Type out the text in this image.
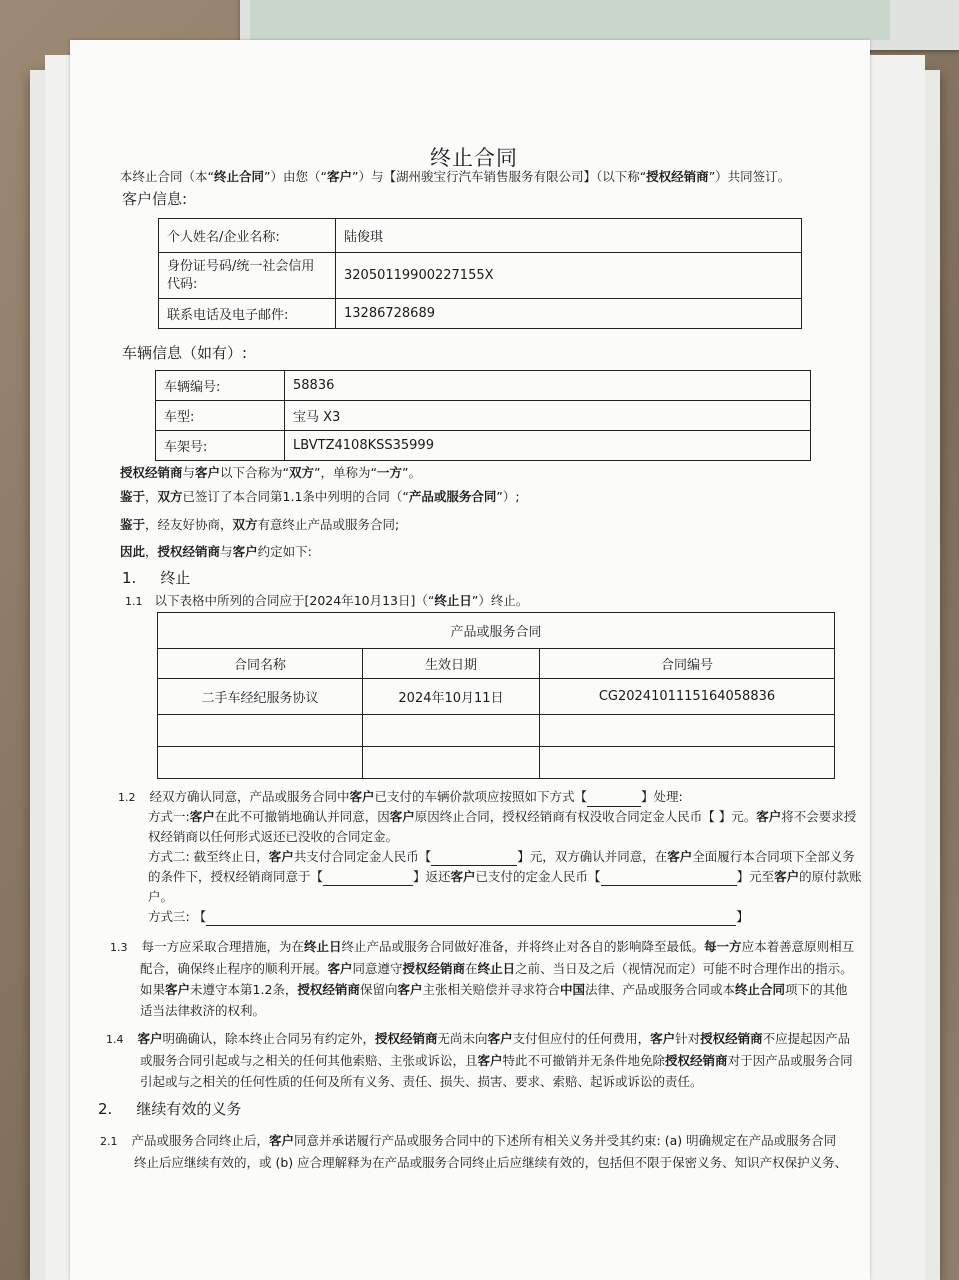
终止合同
本终止合同（本“终止合同”）由您（“客户”）与【湖州骏宝行汽车销售服务有限公司】（以下称“授权经销商”）共同签订。
客户信息:
个人姓名/企业名称:	陆俊琪
身份证号码/统一社会信用代码:	32050119900227155X
联系电话及电子邮件:	13286728689
车辆信息（如有）:
车辆编号:	58836
车型:	宝马 X3
车架号:	LBVTZ4108KSS35999
授权经销商与客户以下合称为“双方”，单称为“一方”。
鉴于，双方已签订了本合同第1.1条中列明的合同（“产品或服务合同”）;
鉴于，经友好协商，双方有意终止产品或服务合同;
因此，授权经销商与客户约定如下:
1. 终止
1.1 以下表格中所列的合同应于[2024年10月13日]（“终止日”）终止。
产品或服务合同		
合同名称	生效日期	合同编号
二手车经纪服务协议	2024年10月11日	CG2024101115164058836

1.2 经双方确认同意，产品或服务合同中客户已支付的车辆价款项应按照如下方式【	】处理:
方式一:客户在此不可撤销地确认并同意，因客户原因终止合同，授权经销商有权没收合同定金人民币【 】元。客户将不会要求授
权经销商以任何形式返还已没收的合同定金。
方式二: 截至终止日，客户共支付合同定金人民币【	】元，双方确认并同意，在客户全面履行本合同项下全部义务
的条件下，授权经销商同意于【	】返还客户已支付的定金人民币【	】元至客户的原付款账
户。
方式三: 【	】
1.3 每一方应采取合理措施，为在终止日终止产品或服务合同做好准备，并将终止对各自的影响降至最低。每一方应本着善意原则相互
配合，确保终止程序的顺利开展。客户同意遵守授权经销商在终止日之前、当日及之后（视情况而定）可能不时合理作出的指示。
如果客户未遵守本第1.2条，授权经销商保留向客户主张相关赔偿并寻求符合中国法律、产品或服务合同或本终止合同项下的其他
适当法律救济的权利。
1.4 客户明确确认，除本终止合同另有约定外，授权经销商无尚未向客户支付但应付的任何费用，客户针对授权经销商不应提起因产品
或服务合同引起或与之相关的任何其他索赔、主张或诉讼，且客户特此不可撤销并无条件地免除授权经销商对于因产品或服务合同
引起或与之相关的任何性质的任何及所有义务、责任、损失、损害、要求、索赔、起诉或诉讼的责任。
2. 继续有效的义务
2.1 产品或服务合同终止后，客户同意并承诺履行产品或服务合同中的下述所有相关义务并受其约束: (a) 明确规定在产品或服务合同
终止后应继续有效的，或 (b) 应合理解释为在产品或服务合同终止后应继续有效的，包括但不限于保密义务、知识产权保护义务、
